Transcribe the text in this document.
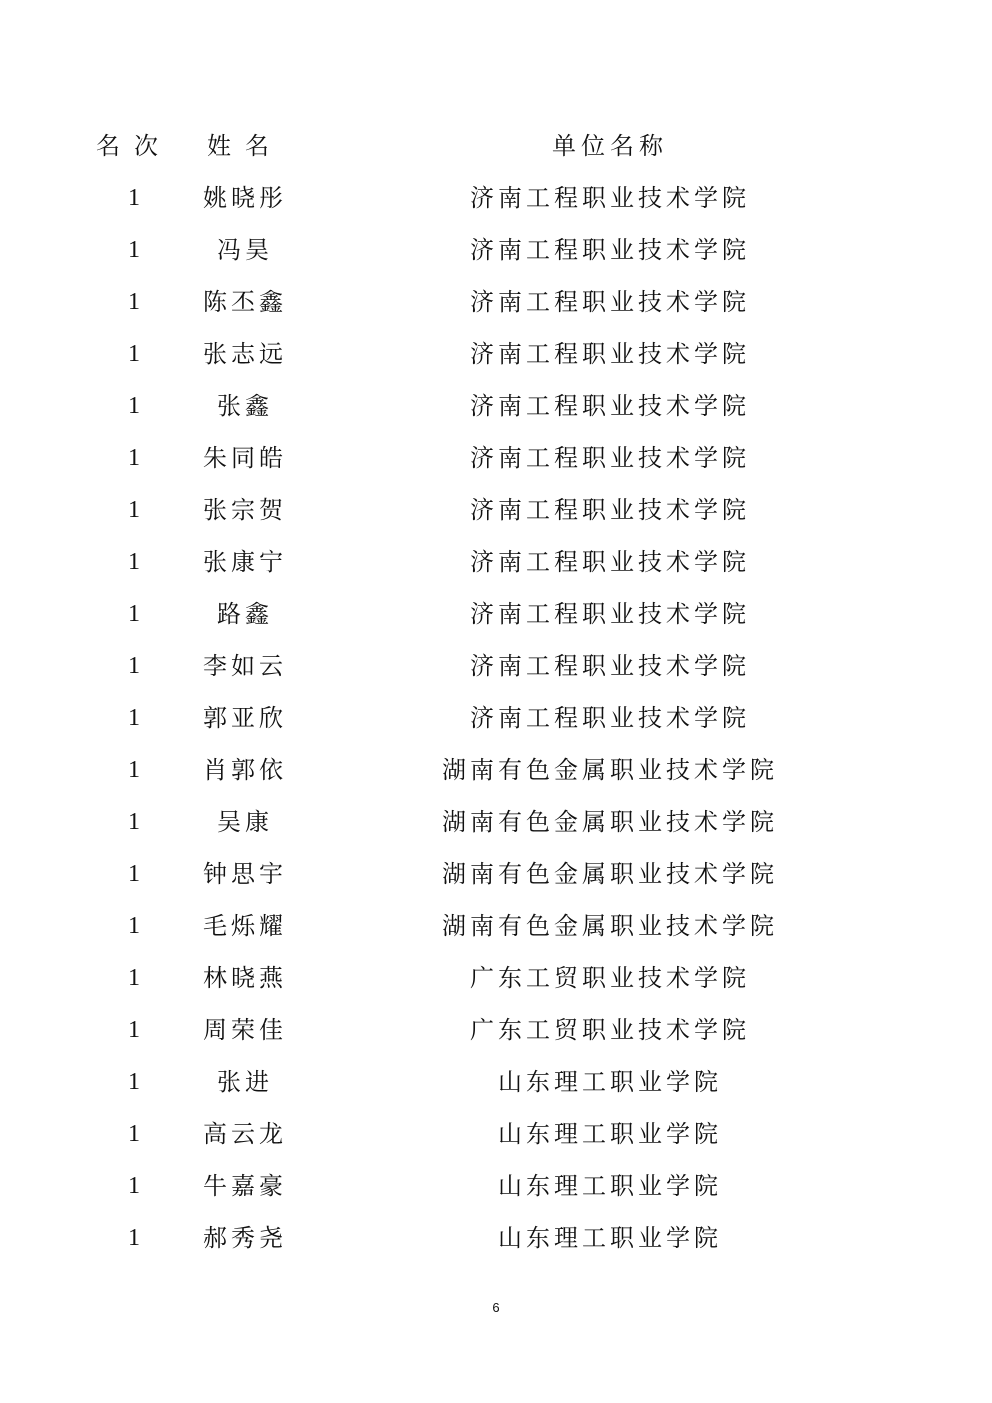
名次	姓名	单位名称
1	姚晓彤	济南工程职业技术学院
1	冯昊	济南工程职业技术学院
1	陈丕鑫	济南工程职业技术学院
1	张志远	济南工程职业技术学院
1	张鑫	济南工程职业技术学院
1	朱同皓	济南工程职业技术学院
1	张宗贺	济南工程职业技术学院
1	张康宁	济南工程职业技术学院
1	路鑫	济南工程职业技术学院
1	李如云	济南工程职业技术学院
1	郭亚欣	济南工程职业技术学院
1	肖郭依	湖南有色金属职业技术学院
1	吴康	湖南有色金属职业技术学院
1	钟思宇	湖南有色金属职业技术学院
1	毛烁耀	湖南有色金属职业技术学院
1	林晓燕	广东工贸职业技术学院
1	周荣佳	广东工贸职业技术学院
1	张进	山东理工职业学院
1	高云龙	山东理工职业学院
1	牛嘉豪	山东理工职业学院
1	郝秀尧	山东理工职业学院
6
